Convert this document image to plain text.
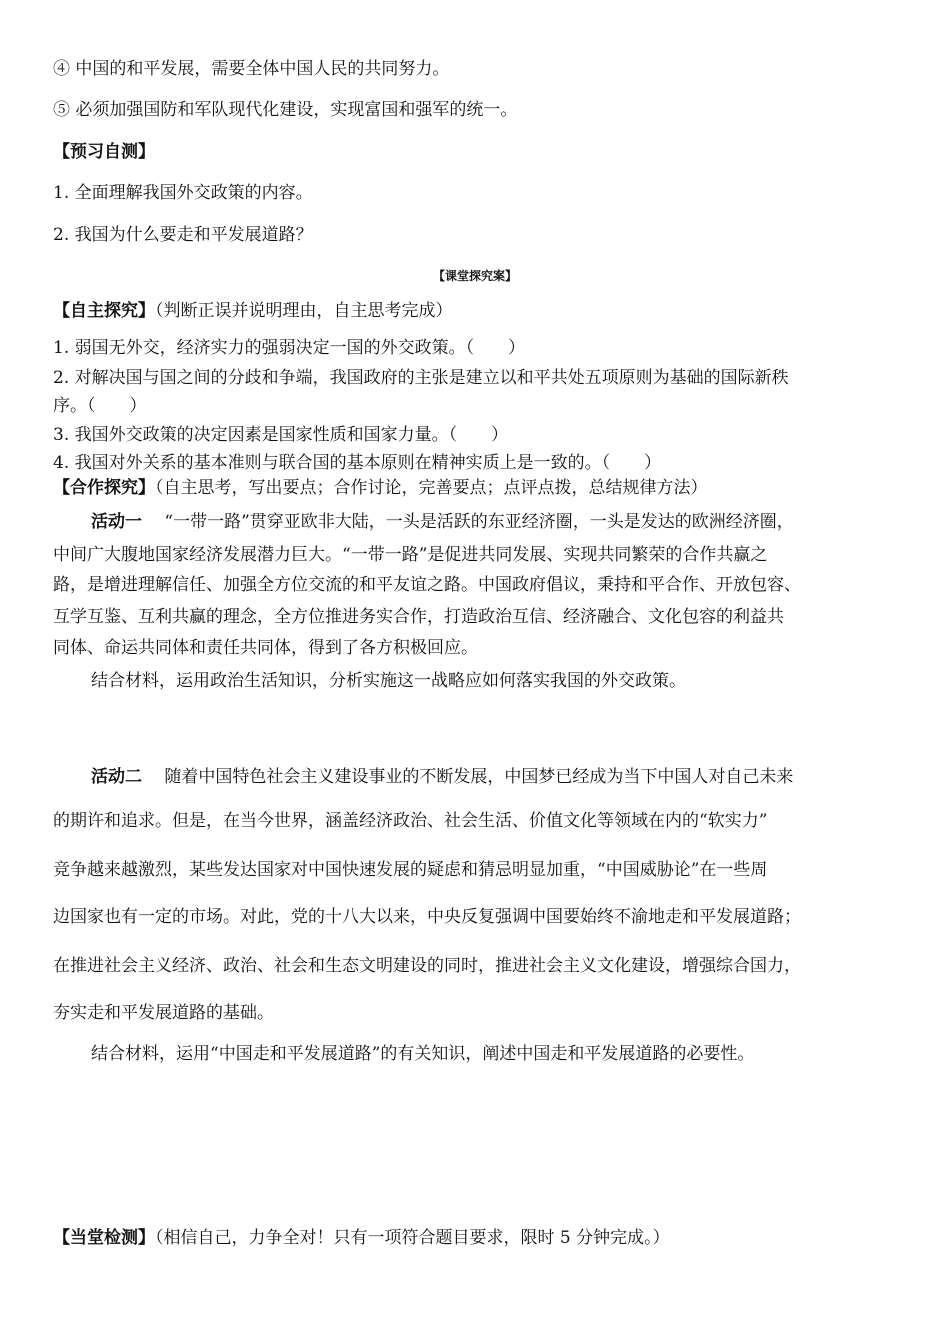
④ 中国的和平发展，需要全体中国人民的共同努力。
⑤ 必须加强国防和军队现代化建设，实现富国和强军的统一。
【预习自测】
1. 全面理解我国外交政策的内容。
2. 我国为什么要走和平发展道路？
【课堂探究案】
【自主探究】（判断正误并说明理由，自主思考完成）
1. 弱国无外交，经济实力的强弱决定一国的外交政策。（　　）
2. 对解决国与国之间的分歧和争端，我国政府的主张是建立以和平共处五项原则为基础的国际新秩
序。（　　）
3. 我国外交政策的决定因素是国家性质和国家力量。（　　）
4. 我国对外关系的基本准则与联合国的基本原则在精神实质上是一致的。（　　）
【合作探究】（自主思考，写出要点；合作讨论，完善要点；点评点拨，总结规律方法）
活动一　 “一带一路”贯穿亚欧非大陆，一头是活跃的东亚经济圈，一头是发达的欧洲经济圈，
中间广大腹地国家经济发展潜力巨大。“一带一路”是促进共同发展、实现共同繁荣的合作共赢之
路，是增进理解信任、加强全方位交流的和平友谊之路。中国政府倡议，秉持和平合作、开放包容、
互学互鉴、互利共赢的理念，全方位推进务实合作，打造政治互信、经济融合、文化包容的利益共
同体、命运共同体和责任共同体，得到了各方积极回应。
结合材料，运用政治生活知识，分析实施这一战略应如何落实我国的外交政策。
活动二　 随着中国特色社会主义建设事业的不断发展，中国梦已经成为当下中国人对自己未来
的期许和追求。但是，在当今世界，涵盖经济政治、社会生活、价值文化等领域在内的“软实力”
竞争越来越激烈，某些发达国家对中国快速发展的疑虑和猜忌明显加重，“中国威胁论”在一些周
边国家也有一定的市场。对此，党的十八大以来，中央反复强调中国要始终不渝地走和平发展道路；
在推进社会主义经济、政治、社会和生态文明建设的同时，推进社会主义文化建设，增强综合国力，
夯实走和平发展道路的基础。
结合材料，运用“中国走和平发展道路”的有关知识，阐述中国走和平发展道路的必要性。
【当堂检测】（相信自己，力争全对！只有一项符合题目要求，限时 5 分钟完成。）
